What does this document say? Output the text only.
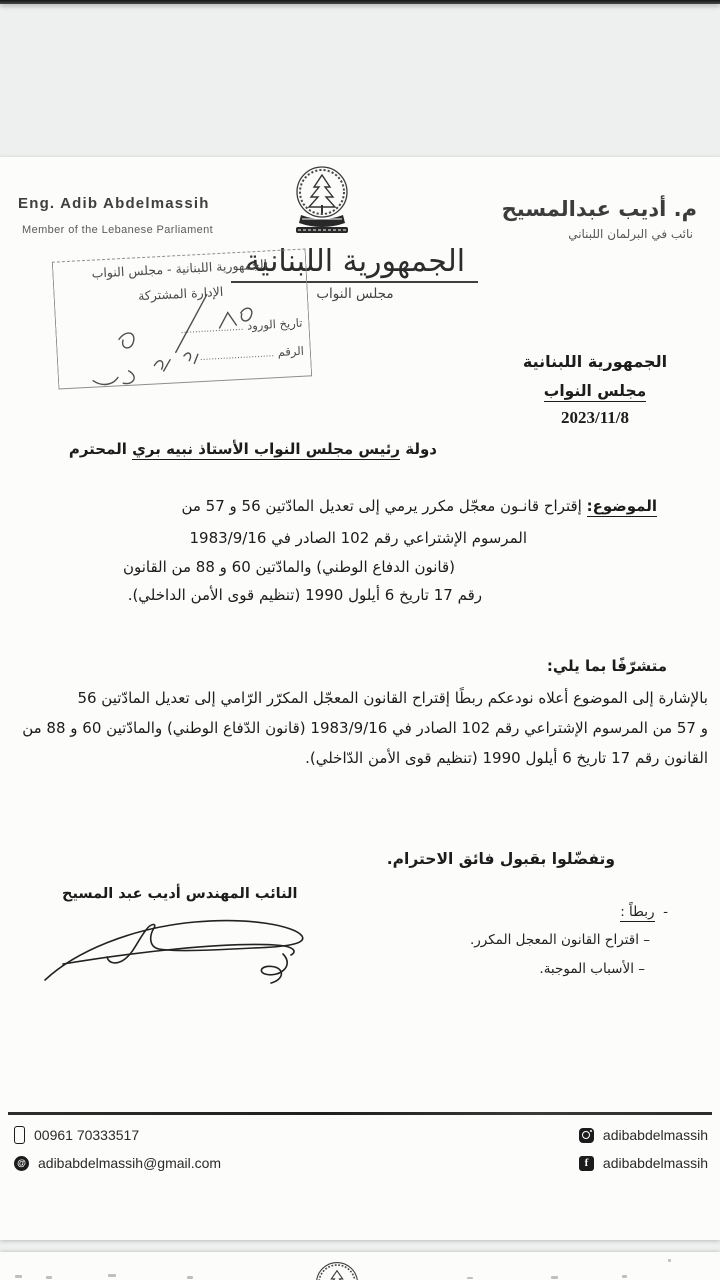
Eng. Adib Abdelmassih
Member of the Lebanese Parliament
م. أديب عبدالمسيح
نائب في البرلمان اللبناني
الجمهورية اللبنانية
مجلس النواب
الجمهورية اللبنانية - مجلس النواب
الإدارة المشتركة
تاريخ الورود ......................
الرقم ..........................	الجمهورية اللبنانية
مجلس النواب
2023/11/8
دولة رئيس مجلس النواب الأستاذ نبيه بري المحترم
الموضوع: إقتراح قانـون معجّل مكرر يرمي إلى تعديل المادّتين 56 و 57 من
المرسوم الإشتراعي رقم 102 الصادر في 1983/9/16
(قانون الدفاع الوطني) والمادّتين 60 و 88 من القانون
رقم 17 تاريخ 6 أيلول 1990 (تنظيم قوى الأمن الداخلي).
متشرّفًا بما يلي:
بالإشارة إلى الموضوع أعلاه نودعكم ربطًا إقتراح القانون المعجّل المكرّر الرّامي إلى تعديل المادّتين 56
و 57 من المرسوم الإشتراعي رقم 102 الصادر في 1983/9/16 (قانون الدّفاع الوطني) والمادّتين 60 و 88 من
القانون رقم 17 تاريخ 6 أيلول 1990 (تنظيم قوى الأمن الدّاخلي).
وتفضّلوا بقبول فائق الاحترام.
النائب المهندس أديب عبد المسيح
-  ربطاً :
– اقتراح القانون المعجل المكرر.
– الأسباب الموجبة.
00961 70333517
@ adibabdelmassih@gmail.com
adibabdelmassih
f	adibabdelmassih
